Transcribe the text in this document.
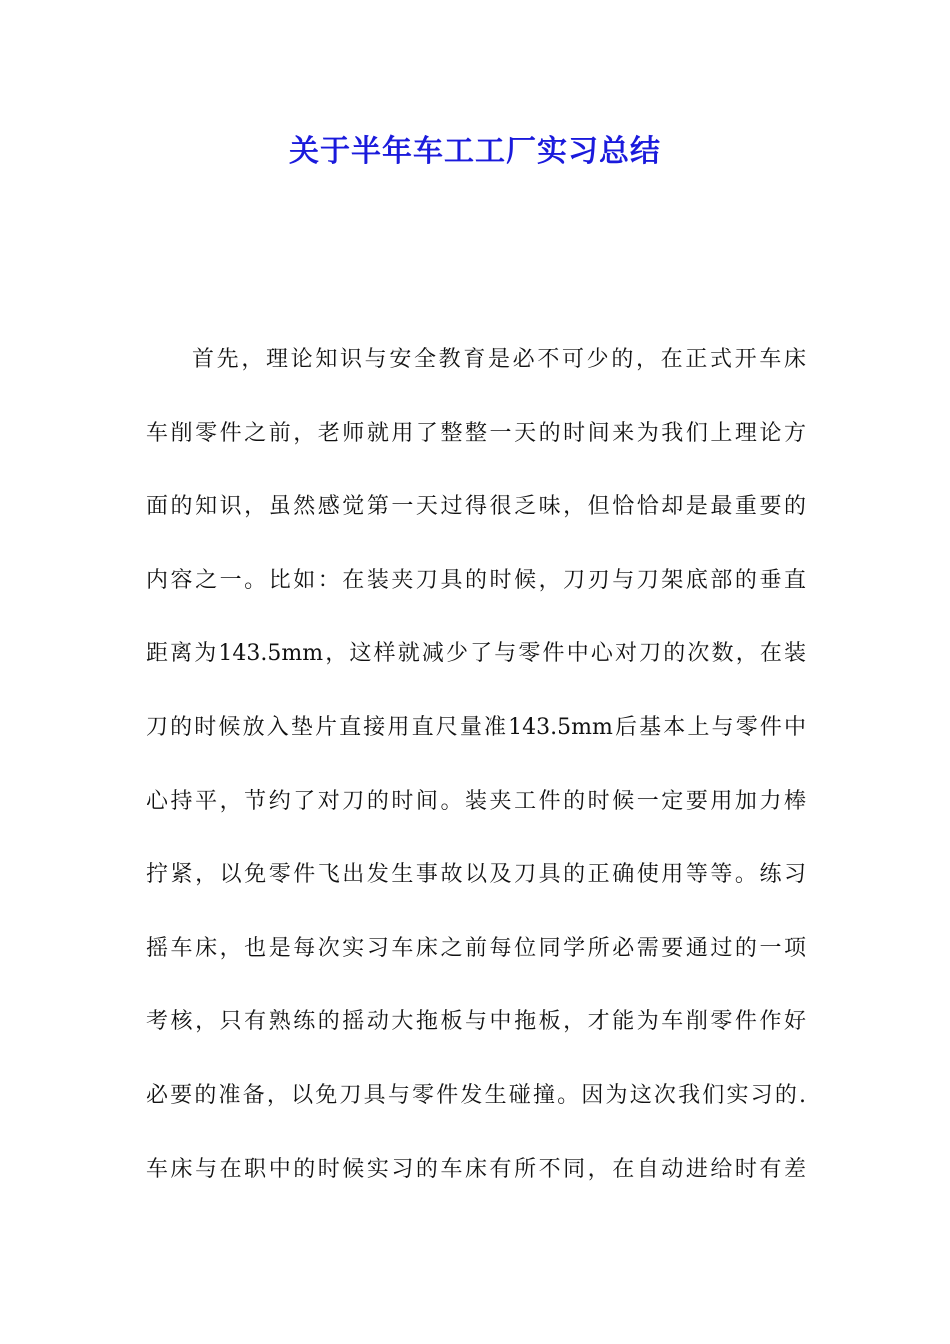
关于半年车工工厂实习总结
首先，理论知识与安全教育是必不可少的，在正式开车床
车削零件之前，老师就用了整整一天的时间来为我们上理论方
面的知识，虽然感觉第一天过得很乏味，但恰恰却是最重要的
内容之一。比如：在装夹刀具的时候，刀刃与刀架底部的垂直
距离为143.5mm，这样就减少了与零件中心对刀的次数，在装
刀的时候放入垫片直接用直尺量准143.5mm后基本上与零件中
心持平，节约了对刀的时间。装夹工件的时候一定要用加力棒
拧紧，以免零件飞出发生事故以及刀具的正确使用等等。练习
摇车床，也是每次实习车床之前每位同学所必需要通过的一项
考核，只有熟练的摇动大拖板与中拖板，才能为车削零件作好
必要的准备，以免刀具与零件发生碰撞。因为这次我们实习的.
车床与在职中的时候实习的车床有所不同，在自动进给时有差
